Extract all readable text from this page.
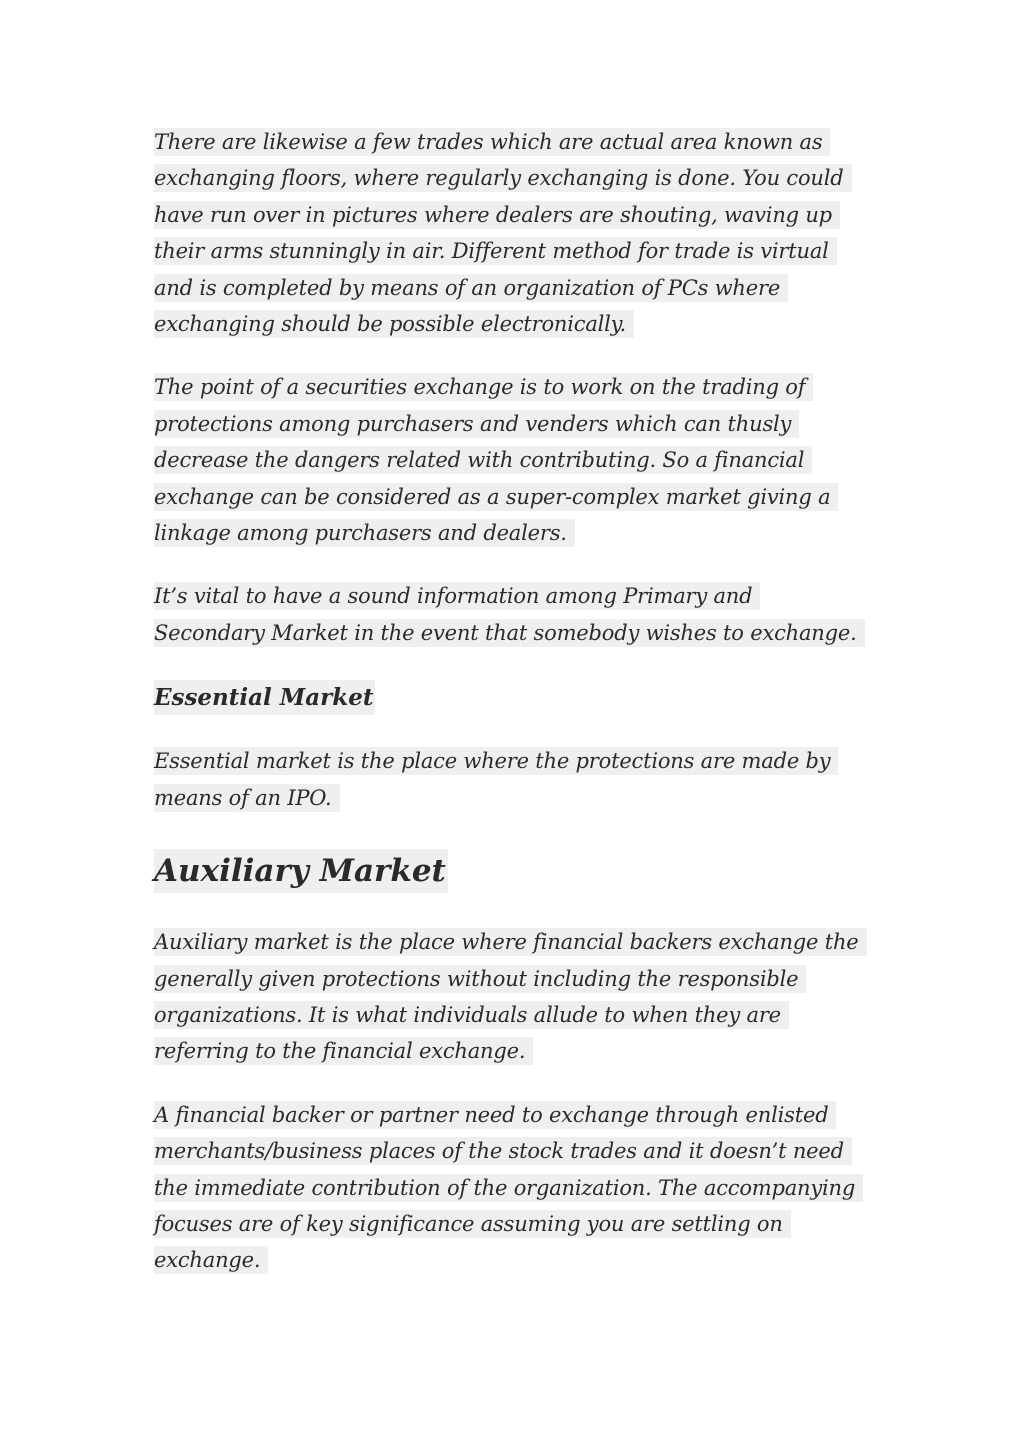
There are likewise a few trades which are actual area known as
exchanging floors, where regularly exchanging is done. You could
have run over in pictures where dealers are shouting, waving up
their arms stunningly in air. Different method for trade is virtual
and is completed by means of an organization of PCs where
exchanging should be possible electronically.

The point of a securities exchange is to work on the trading of
protections among purchasers and venders which can thusly
decrease the dangers related with contributing. So a financial
exchange can be considered as a super-complex market giving a
linkage among purchasers and dealers.

It’s vital to have a sound information among Primary and
Secondary Market in the event that somebody wishes to exchange.

Essential Market

Essential market is the place where the protections are made by
means of an IPO.

Auxiliary Market

Auxiliary market is the place where financial backers exchange the
generally given protections without including the responsible
organizations. It is what individuals allude to when they are
referring to the financial exchange.

A financial backer or partner need to exchange through enlisted
merchants/business places of the stock trades and it doesn’t need
the immediate contribution of the organization. The accompanying
focuses are of key significance assuming you are settling on
exchange.
